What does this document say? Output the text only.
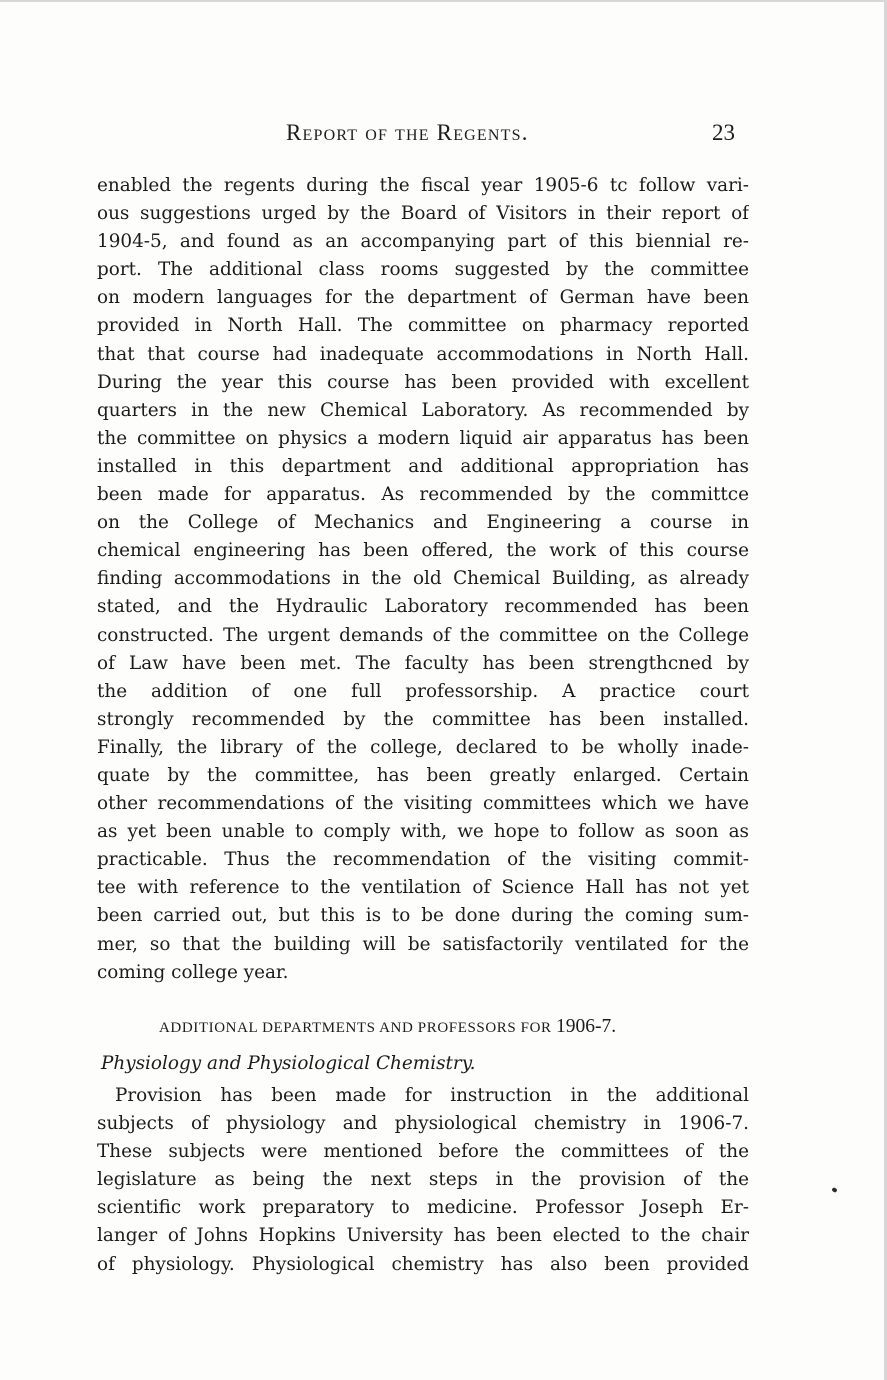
Report of the Regents.	23
enabled the regents during the fiscal year 1905-6 tc follow vari-
ous suggestions urged by the Board of Visitors in their report of
1904-5, and found as an accompanying part of this biennial re-
port. The additional class rooms suggested by the committee
on modern languages for the department of German have been
provided in North Hall. The committee on pharmacy reported
that that course had inadequate accommodations in North Hall.
During the year this course has been provided with excellent
quarters in the new Chemical Laboratory. As recommended by
the committee on physics a modern liquid air apparatus has been
installed in this department and additional appropriation has
been made for apparatus. As recommended by the committce
on the College of Mechanics and Engineering a course in
chemical engineering has been offered, the work of this course
finding accommodations in the old Chemical Building, as already
stated, and the Hydraulic Laboratory recommended has been
constructed. The urgent demands of the committee on the College
of Law have been met. The faculty has been strengthcned by
the addition of one full professorship. A practice court
strongly recommended by the committee has been installed.
Finally, the library of the college, declared to be wholly inade-
quate by the committee, has been greatly enlarged. Certain
other recommendations of the visiting committees which we have
as yet been unable to comply with, we hope to follow as soon as
practicable. Thus the recommendation of the visiting commit-
tee with reference to the ventilation of Science Hall has not yet
been carried out, but this is to be done during the coming sum-
mer, so that the building will be satisfactorily ventilated for the
coming college year.
ADDITIONAL DEPARTMENTS AND PROFESSORS FOR 1906-7.
Physiology and Physiological Chemistry.
Provision has been made for instruction in the additional
subjects of physiology and physiological chemistry in 1906-7.
These subjects were mentioned before the committees of the
legislature as being the next steps in the provision of the
scientific work preparatory to medicine. Professor Joseph Er-
langer of Johns Hopkins University has been elected to the chair
of physiology. Physiological chemistry has also been provided
